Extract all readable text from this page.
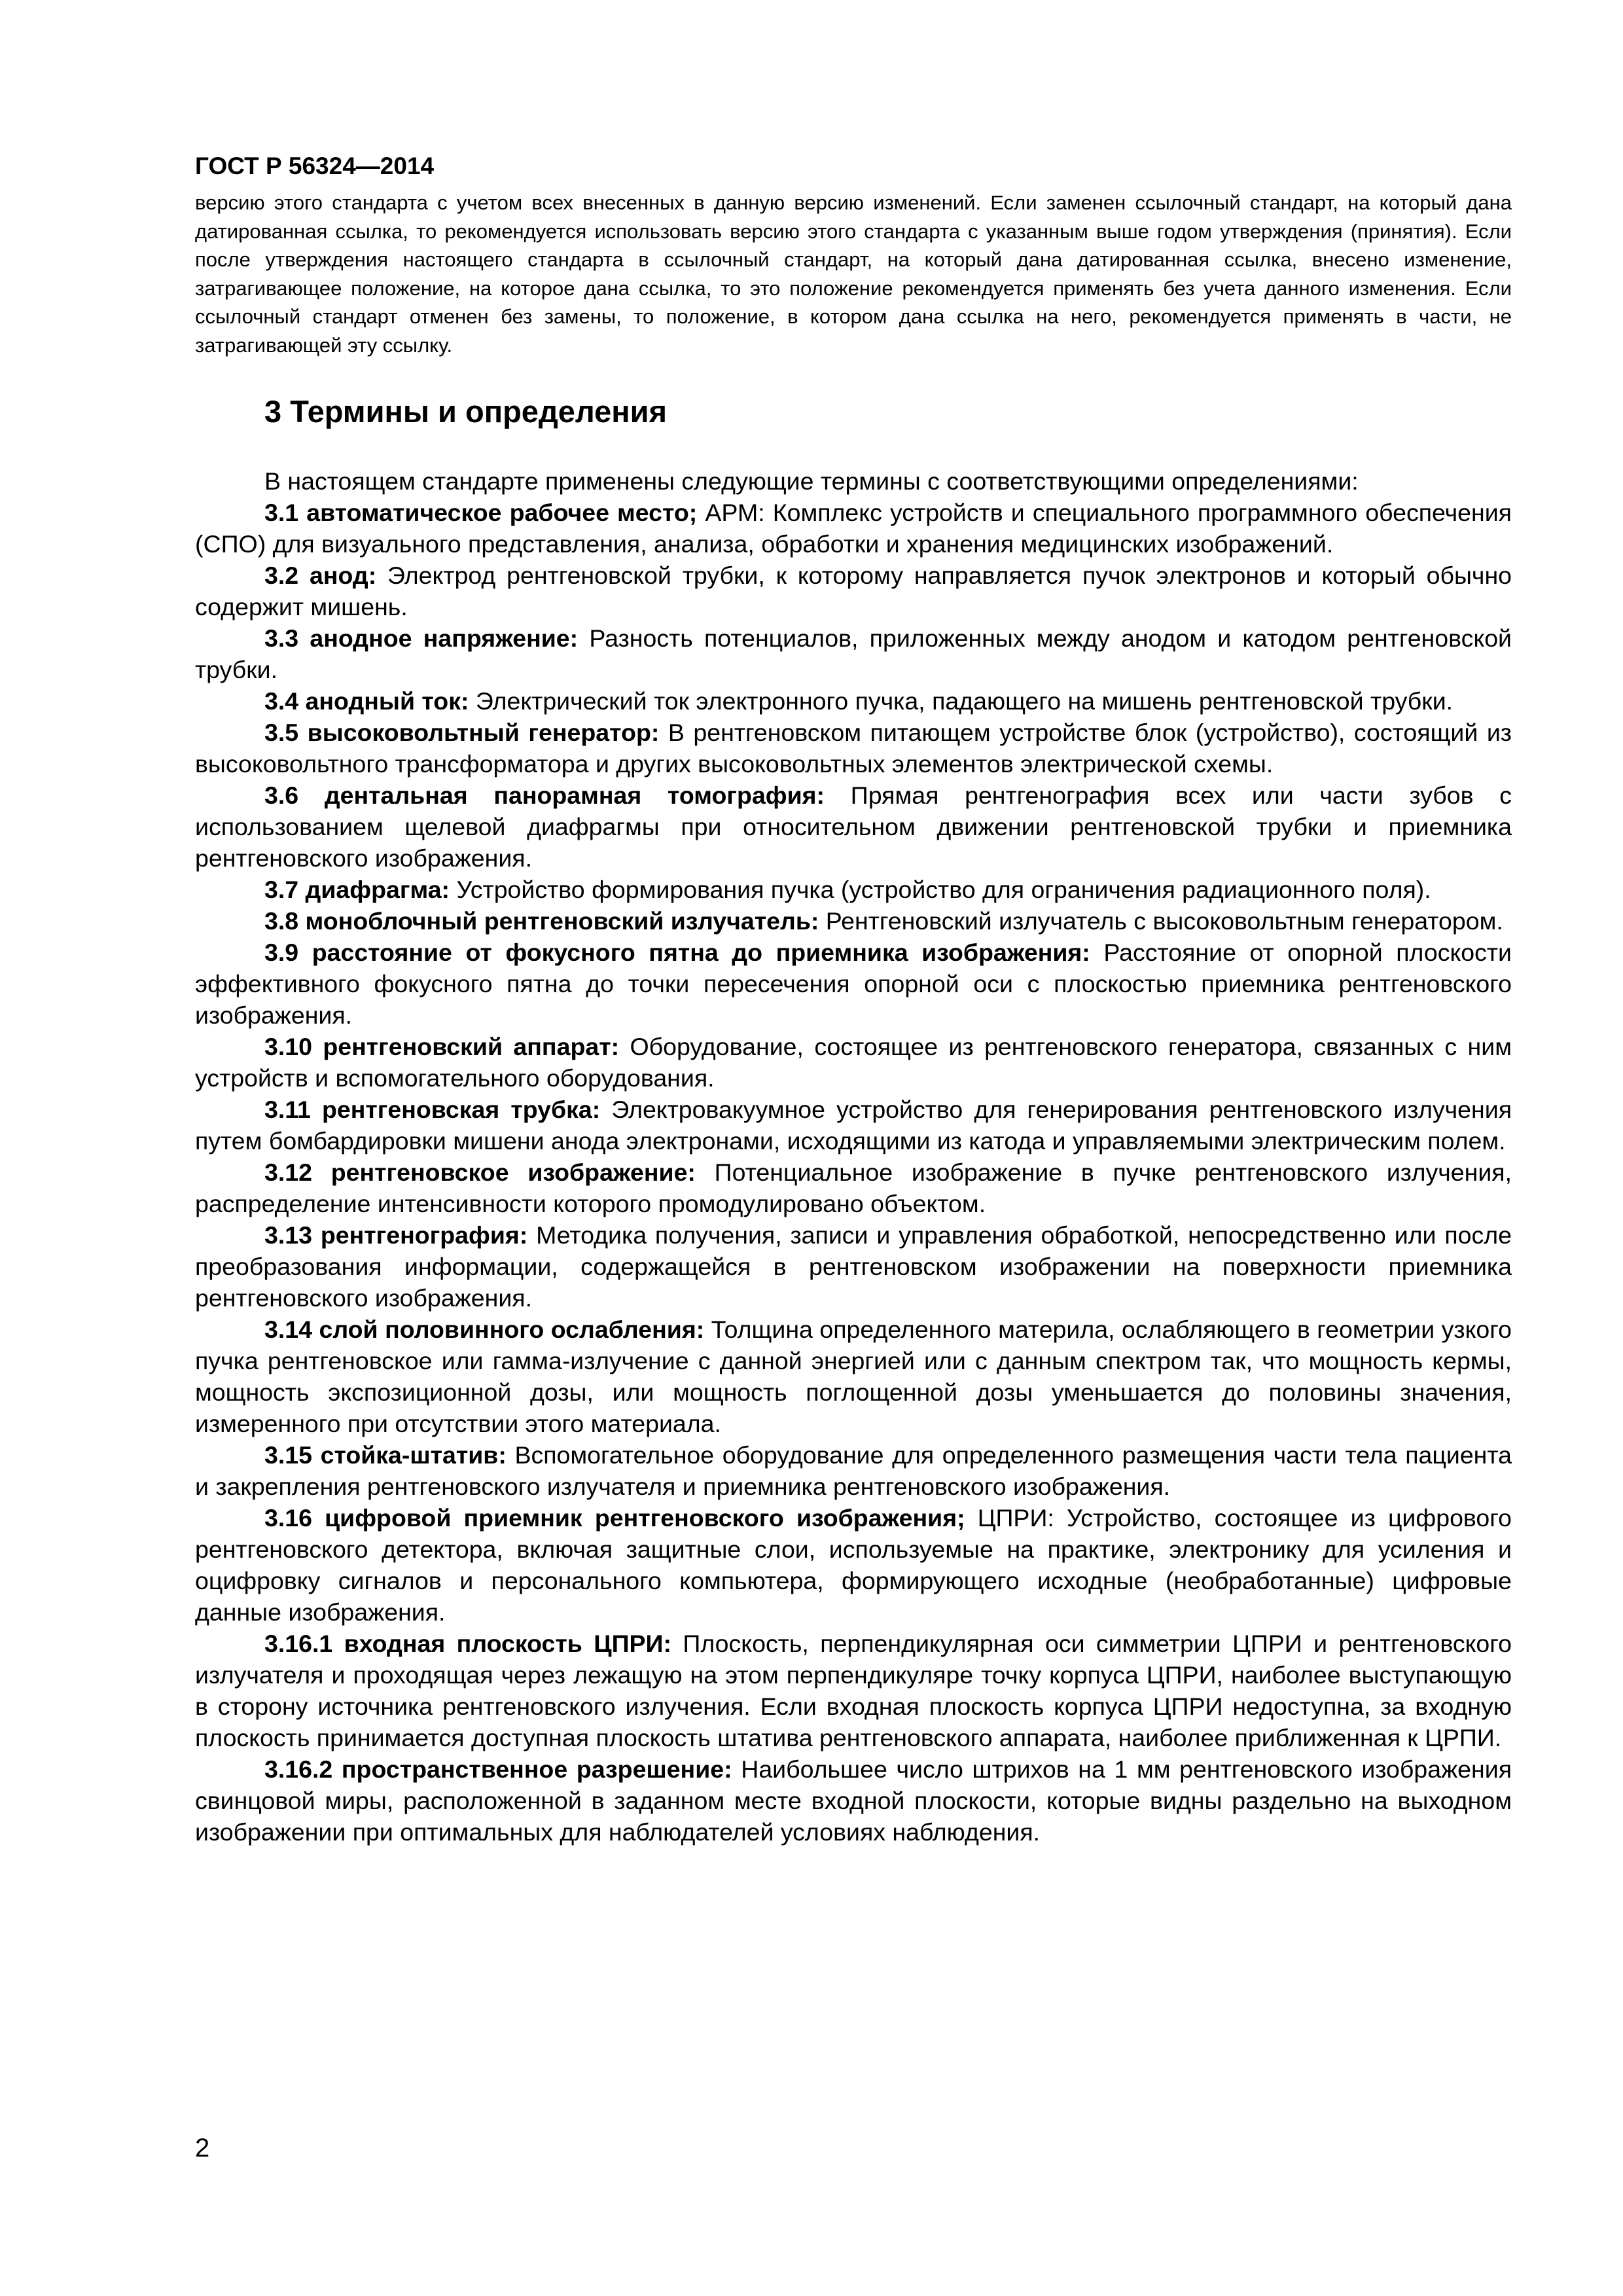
ГОСТ Р 56324—2014

версию этого стандарта с учетом всех внесенных в данную версию изменений. Если заменен ссылочный стандарт, на который дана датированная ссылка, то рекомендуется использовать версию этого стандарта с указанным выше годом утверждения (принятия). Если после утверждения настоящего стандарта в ссылочный стандарт, на который дана датированная ссылка, внесено изменение, затрагивающее положение, на которое дана ссылка, то это положение рекомендуется применять без учета данного изменения. Если ссылочный стандарт отменен без замены, то положение, в котором дана ссылка на него, рекомендуется применять в части, не затрагивающей эту ссылку.

3 Термины и определения

В настоящем стандарте применены следующие термины с соответствующими определениями:

3.1 автоматическое рабочее место; АРМ: Комплекс устройств и специального программного обеспечения (СПО) для визуального представления, анализа, обработки и хранения медицинских изображений.

3.2 анод: Электрод рентгеновской трубки, к которому направляется пучок электронов и который обычно содержит мишень.

3.3 анодное напряжение: Разность потенциалов, приложенных между анодом и катодом рентгеновской трубки.

3.4 анодный ток: Электрический ток электронного пучка, падающего на мишень рентгеновской трубки.

3.5 высоковольтный генератор: В рентгеновском питающем устройстве блок (устройство), состоящий из высоковольтного трансформатора и других высоковольтных элементов электрической схемы.

3.6 дентальная панорамная томография: Прямая рентгенография всех или части зубов с использованием щелевой диафрагмы при относительном движении рентгеновской трубки и приемника рентгеновского изображения.

3.7 диафрагма: Устройство формирования пучка (устройство для ограничения радиационного поля).

3.8 моноблочный рентгеновский излучатель: Рентгеновский излучатель с высоковольтным генератором.

3.9 расстояние от фокусного пятна до приемника изображения: Расстояние от опорной плоскости эффективного фокусного пятна до точки пересечения опорной оси с плоскостью приемника рентгеновского изображения.

3.10 рентгеновский аппарат: Оборудование, состоящее из рентгеновского генератора, связанных с ним устройств и вспомогательного оборудования.

3.11 рентгеновская трубка: Электровакуумное устройство для генерирования рентгеновского излучения путем бомбардировки мишени анода электронами, исходящими из катода и управляемыми электрическим полем.

3.12 рентгеновское изображение: Потенциальное изображение в пучке рентгеновского излучения, распределение интенсивности которого промодулировано объектом.

3.13 рентгенография: Методика получения, записи и управления обработкой, непосредственно или после преобразования информации, содержащейся в рентгеновском изображении на поверхности приемника рентгеновского изображения.

3.14 слой половинного ослабления: Толщина определенного материла, ослабляющего в геометрии узкого пучка рентгеновское или гамма-излучение с данной энергией или с данным спектром так, что мощность кермы, мощность экспозиционной дозы, или мощность поглощенной дозы уменьшается до половины значения, измеренного при отсутствии этого материала.

3.15 стойка-штатив: Вспомогательное оборудование для определенного размещения части тела пациента и закрепления рентгеновского излучателя и приемника рентгеновского изображения.

3.16 цифровой приемник рентгеновского изображения; ЦПРИ: Устройство, состоящее из цифрового рентгеновского детектора, включая защитные слои, используемые на практике, электронику для усиления и оцифровку сигналов и персонального компьютера, формирующего исходные (необработанные) цифровые данные изображения.

3.16.1 входная плоскость ЦПРИ: Плоскость, перпендикулярная оси симметрии ЦПРИ и рентгеновского излучателя и проходящая через лежащую на этом перпендикуляре точку корпуса ЦПРИ, наиболее выступающую в сторону источника рентгеновского излучения. Если входная плоскость корпуса ЦПРИ недоступна, за входную плоскость принимается доступная плоскость штатива рентгеновского аппарата, наиболее приближенная к ЦРПИ.

3.16.2 пространственное разрешение: Наибольшее число штрихов на 1 мм рентгеновского изображения свинцовой миры, расположенной в заданном месте входной плоскости, которые видны раздельно на выходном изображении при оптимальных для наблюдателей условиях наблюдения.

2
